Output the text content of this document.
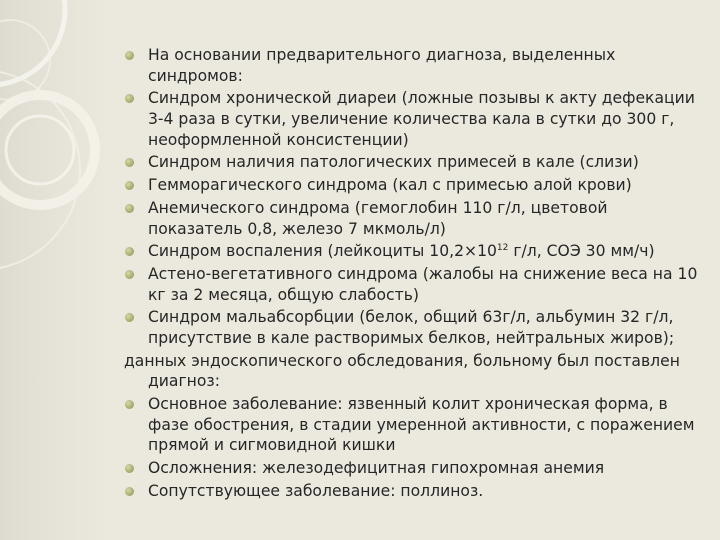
На основании предварительного диагноза, выделенных синдромов:
Синдром хронической диареи (ложные позывы к акту дефекации 3-4 раза в сутки, увеличение количества кала в сутки до 300 г, неоформленной консистенции)
Синдром наличия патологических примесей в кале (слизи)
Гемморагического синдрома (кал с примесью алой крови)
Анемического синдрома (гемоглобин 110 г/л, цветовой показатель 0,8, железо 7 мкмоль/л)
Синдром воспаления (лейкоциты $10,2\times 10^{12}$ г/л, СОЭ 30 мм/ч)
Астено-вегетативного синдрома (жалобы на снижение веса на 10 кг за 2 месяца, общую слабость)
Синдром мальабсорбции (белок, общий 63г/л, альбумин 32 г/л, присутствие в кале растворимых белков, нейтральных жиров);
данных эндоскопического обследования, больному был поставлен диагноз:
Основное заболевание: язвенный колит хроническая форма, в фазе обострения, в стадии умеренной активности, с поражением прямой и сигмовидной кишки
Осложнения: железодефицитная гипохромная анемия
Сопутствующее заболевание: поллиноз.
